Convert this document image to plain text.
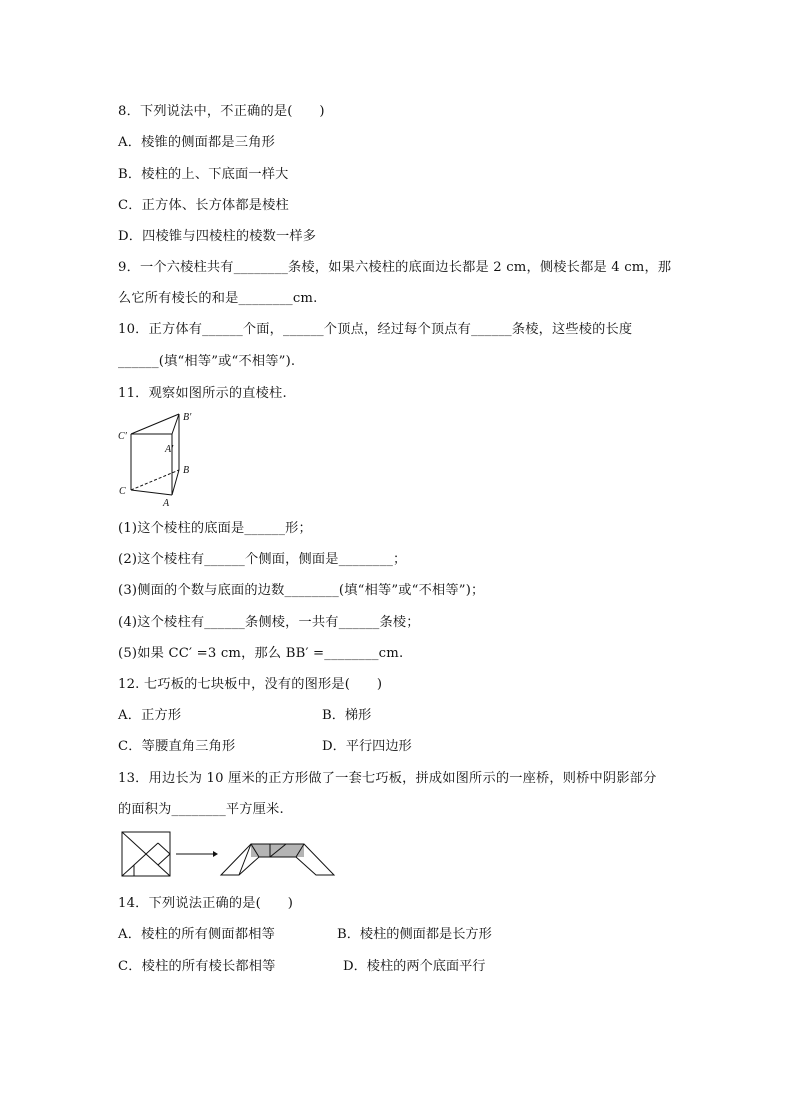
8．下列说法中，不正确的是(　　)
A．棱锥的侧面都是三角形
B．棱柱的上、下底面一样大
C．正方体、长方体都是棱柱
D．四棱锥与四棱柱的棱数一样多
9．一个六棱柱共有________条棱，如果六棱柱的底面边长都是 2 cm，侧棱长都是 4 cm，那
么它所有棱长的和是________cm.
10．正方体有______个面，______个顶点，经过每个顶点有______条棱，这些棱的长度
______(填“相等”或“不相等”).
11．观察如图所示的直棱柱.
C′
B′
A′
B
C
A
(1)这个棱柱的底面是______形；
(2)这个棱柱有______个侧面，侧面是________；
(3)侧面的个数与底面的边数________(填“相等”或“不相等”)；
(4)这个棱柱有______条侧棱，一共有______条棱；
(5)如果 CC′ =3 cm，那么 BB′ =________cm.
12. 七巧板的七块板中，没有的图形是(　　)
A．正方形	B．梯形
C．等腰直角三角形	D．平行四边形
13．用边长为 10 厘米的正方形做了一套七巧板，拼成如图所示的一座桥，则桥中阴影部分
的面积为________平方厘米.
14．下列说法正确的是(　　)
A．棱柱的所有侧面都相等	B．棱柱的侧面都是长方形
C．棱柱的所有棱长都相等	D．棱柱的两个底面平行
